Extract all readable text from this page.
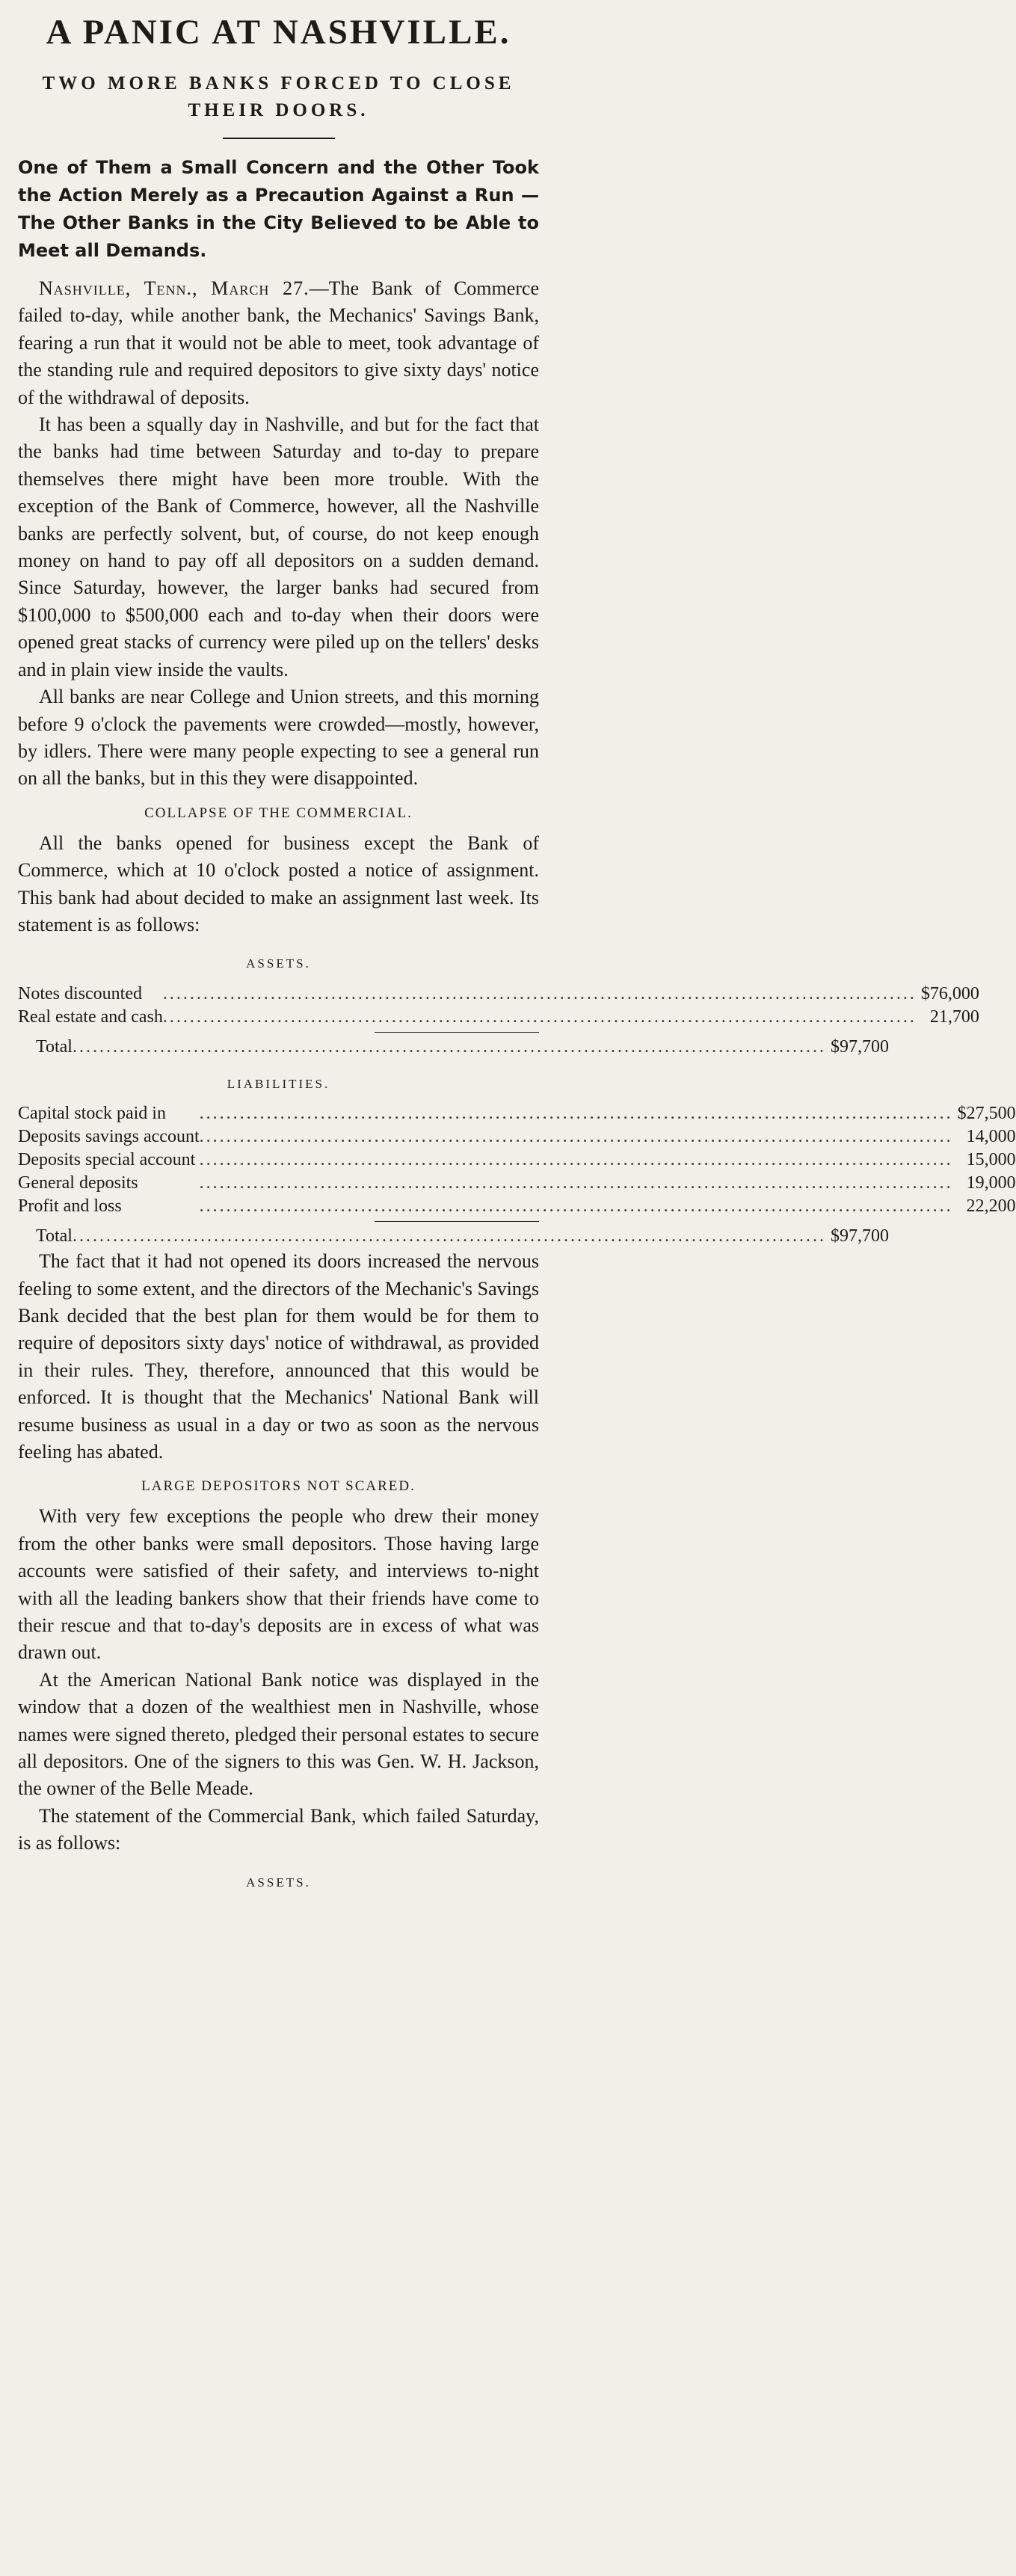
A PANIC AT NASHVILLE.
TWO MORE BANKS FORCED TO CLOSE THEIR DOORS.

One of Them a Small Concern and the Other Took the Action Merely as a Precaution Against a Run — The Other Banks in the City Believed to be Able to Meet all Demands.

Nashville, Tenn., March 27.—The Bank of Commerce failed to-day, while another bank, the Mechanics' Savings Bank, fearing a run that it would not be able to meet, took advantage of the standing rule and required depositors to give sixty days' notice of the withdrawal of deposits.

It has been a squally day in Nashville, and but for the fact that the banks had time between Saturday and to-day to prepare themselves there might have been more trouble. With the exception of the Bank of Commerce, however, all the Nashville banks are perfectly solvent, but, of course, do not keep enough money on hand to pay off all depositors on a sudden demand. Since Saturday, however, the larger banks had secured from $100,000 to $500,000 each and to-day when their doors were opened great stacks of currency were piled up on the tellers' desks and in plain view inside the vaults.

All banks are near College and Union streets, and this morning before 9 o'clock the pavements were crowded—mostly, however, by idlers. There were many people expecting to see a general run on all the banks, but in this they were disappointed.

COLLAPSE OF THE COMMERCIAL.

All the banks opened for business except the Bank of Commerce, which at 10 o'clock posted a notice of assignment. This bank had about decided to make an assignment last week. Its statement is as follows:

ASSETS.
Notes discounted	................................................................................................................	$76,000
Real estate and cash	................................................................................................................	21,700
Total	................................................................................................................	$97,700
LIABILITIES.
Capital stock paid in	................................................................................................................	$27,500
Deposits savings account	................................................................................................................	14,000
Deposits special account	................................................................................................................	15,000
General deposits	................................................................................................................	19,000
Profit and loss	................................................................................................................	22,200
Total	................................................................................................................	$97,700

The fact that it had not opened its doors increased the nervous feeling to some extent, and the directors of the Mechanic's Savings Bank decided that the best plan for them would be for them to require of depositors sixty days' notice of withdrawal, as provided in their rules. They, therefore, announced that this would be enforced. It is thought that the Mechanics' National Bank will resume business as usual in a day or two as soon as the nervous feeling has abated.

LARGE DEPOSITORS NOT SCARED.

With very few exceptions the people who drew their money from the other banks were small depositors. Those having large accounts were satisfied of their safety, and interviews to-night with all the leading bankers show that their friends have come to their rescue and that to-day's deposits are in excess of what was drawn out.

At the American National Bank notice was displayed in the window that a dozen of the wealthiest men in Nashville, whose names were signed thereto, pledged their personal estates to secure all depositors. One of the signers to this was Gen. W. H. Jackson, the owner of the Belle Meade.

The statement of the Commercial Bank, which failed Saturday, is as follows:

ASSETS.
